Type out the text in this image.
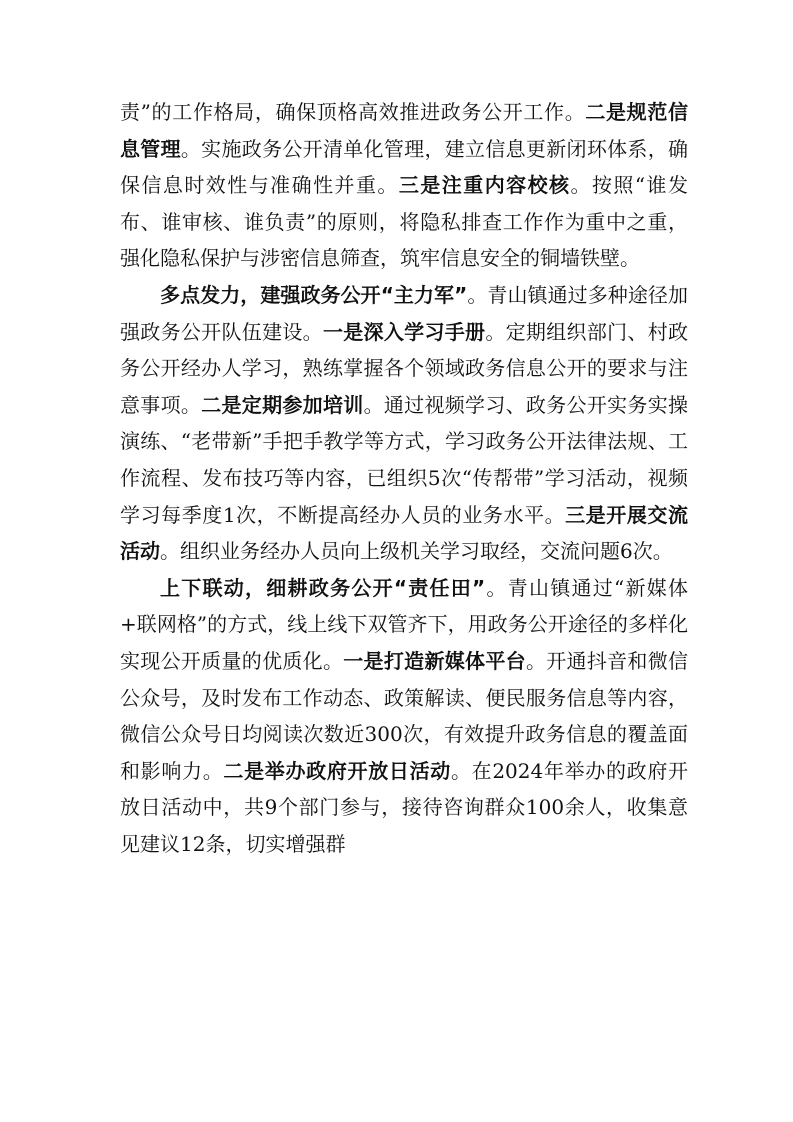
责”的工作格局，确保顶格高效推进政务公开工作。二是规范信息管理。实施政务公开清单化管理，建立信息更新闭环体系，确保信息时效性与准确性并重。三是注重内容校核。按照“谁发布、谁审核、谁负责”的原则，将隐私排查工作作为重中之重，强化隐私保护与涉密信息筛查，筑牢信息安全的铜墙铁壁。

多点发力，建强政务公开“主力军”。青山镇通过多种途径加强政务公开队伍建设。一是深入学习手册。定期组织部门、村政务公开经办人学习，熟练掌握各个领域政务信息公开的要求与注意事项。二是定期参加培训。通过视频学习、政务公开实务实操演练、“老带新”手把手教学等方式，学习政务公开法律法规、工作流程、发布技巧等内容，已组织5次“传帮带”学习活动，视频学习每季度1次，不断提高经办人员的业务水平。三是开展交流活动。组织业务经办人员向上级机关学习取经，交流问题6次。

上下联动，细耕政务公开“责任田”。青山镇通过“新媒体+联网格”的方式，线上线下双管齐下，用政务公开途径的多样化实现公开质量的优质化。一是打造新媒体平台。开通抖音和微信公众号，及时发布工作动态、政策解读、便民服务信息等内容，微信公众号日均阅读次数近300次，有效提升政务信息的覆盖面和影响力。二是举办政府开放日活动。在2024年举办的政府开放日活动中，共9个部门参与，接待咨询群众100余人，收集意见建议12条，切实增强群
